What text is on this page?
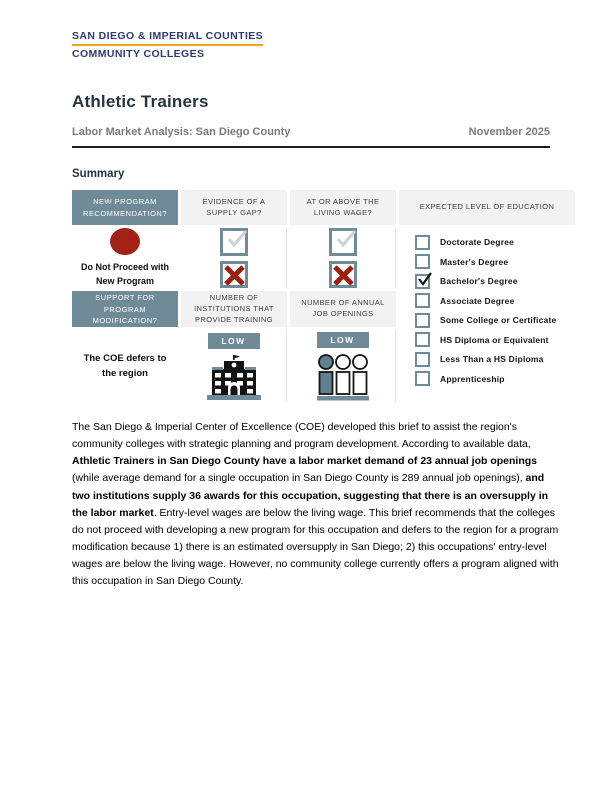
SAN DIEGO & IMPERIAL COUNTIES
COMMUNITY COLLEGES
Athletic Trainers
Labor Market Analysis: San Diego County	November 2025
Summary
NEW PROGRAM RECOMMENDATION?
EVIDENCE OF A SUPPLY GAP?
AT OR ABOVE THE LIVING WAGE?
EXPECTED LEVEL OF EDUCATION
Do Not Proceed with New Program
Doctorate Degree
Master's Degree
Bachelor's Degree
Associate Degree
Some College or Certificate
HS Diploma or Equivalent
Less Than a HS Diploma
Apprenticeship
SUPPORT FOR PROGRAM MODIFICATION?
NUMBER OF INSTITUTIONS THAT PROVIDE TRAINING
NUMBER OF ANNUAL JOB OPENINGS
The COE defers to the region
LOW	LOW

The San Diego & Imperial Center of Excellence (COE) developed this brief to assist the region's community colleges with strategic planning and program development. According to available data, Athletic Trainers in San Diego County have a labor market demand of 23 annual job openings (while average demand for a single occupation in San Diego County is 289 annual job openings), and two institutions supply 36 awards for this occupation, suggesting that there is an oversupply in the labor market. Entry-level wages are below the living wage. This brief recommends that the colleges do not proceed with developing a new program for this occupation and defers to the region for a program modification because 1) there is an estimated oversupply in San Diego; 2) this occupations' entry-level wages are below the living wage. However, no community college currently offers a program aligned with this occupation in San Diego County.
